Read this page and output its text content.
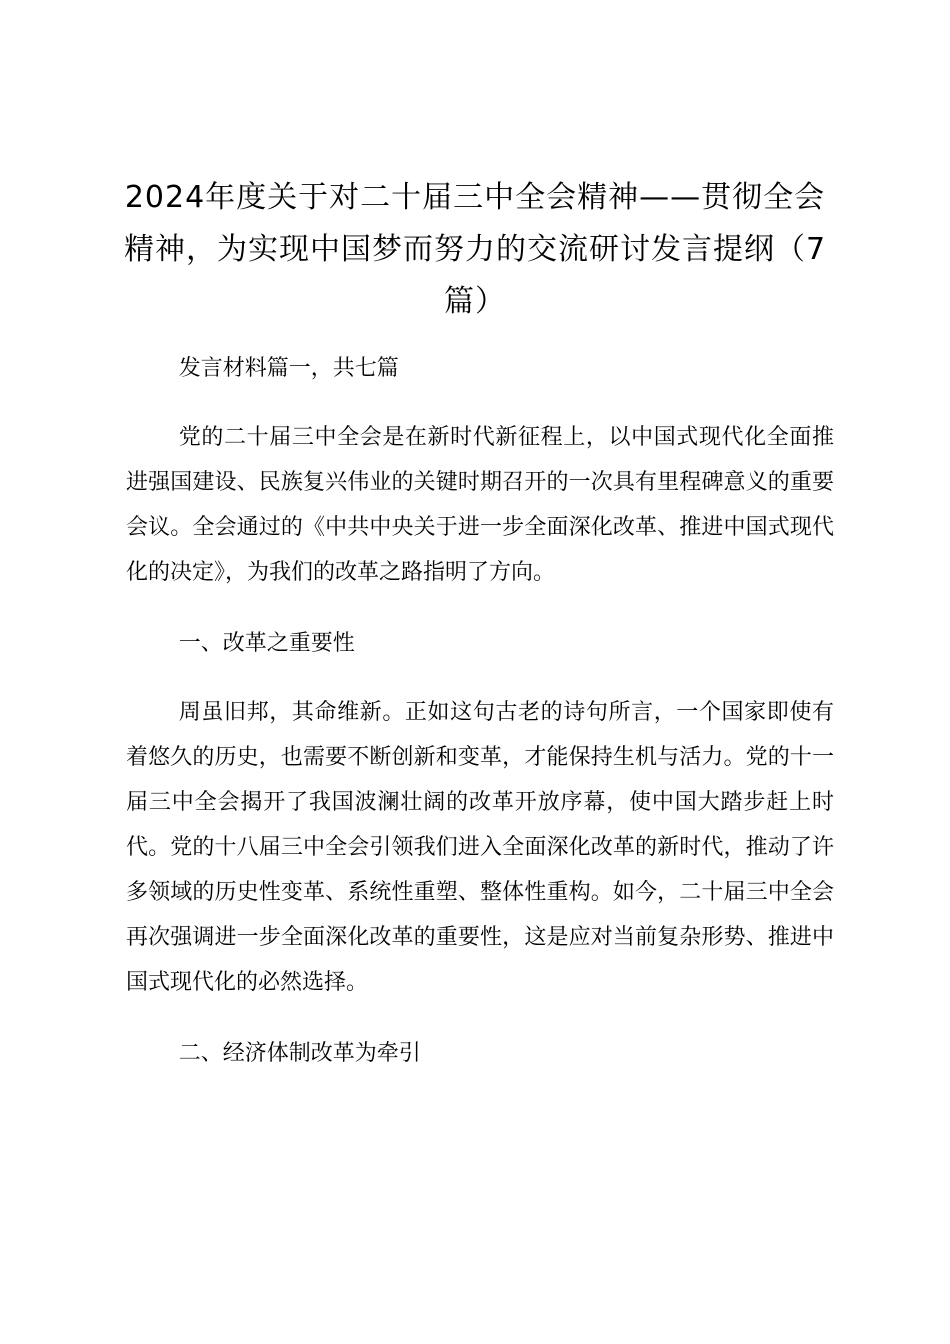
2024年度关于对二十届三中全会精神——贯彻全会精神，为实现中国梦而努力的交流研讨发言提纲（7篇）

发言材料篇一，共七篇

党的二十届三中全会是在新时代新征程上，以中国式现代化全面推进强国建设、民族复兴伟业的关键时期召开的一次具有里程碑意义的重要会议。全会通过的《中共中央关于进一步全面深化改革、推进中国式现代化的决定》，为我们的改革之路指明了方向。

一、改革之重要性

周虽旧邦，其命维新。正如这句古老的诗句所言，一个国家即使有着悠久的历史，也需要不断创新和变革，才能保持生机与活力。党的十一届三中全会揭开了我国波澜壮阔的改革开放序幕，使中国大踏步赶上时代。党的十八届三中全会引领我们进入全面深化改革的新时代，推动了许多领域的历史性变革、系统性重塑、整体性重构。如今，二十届三中全会再次强调进一步全面深化改革的重要性，这是应对当前复杂形势、推进中国式现代化的必然选择。

二、经济体制改革为牵引
